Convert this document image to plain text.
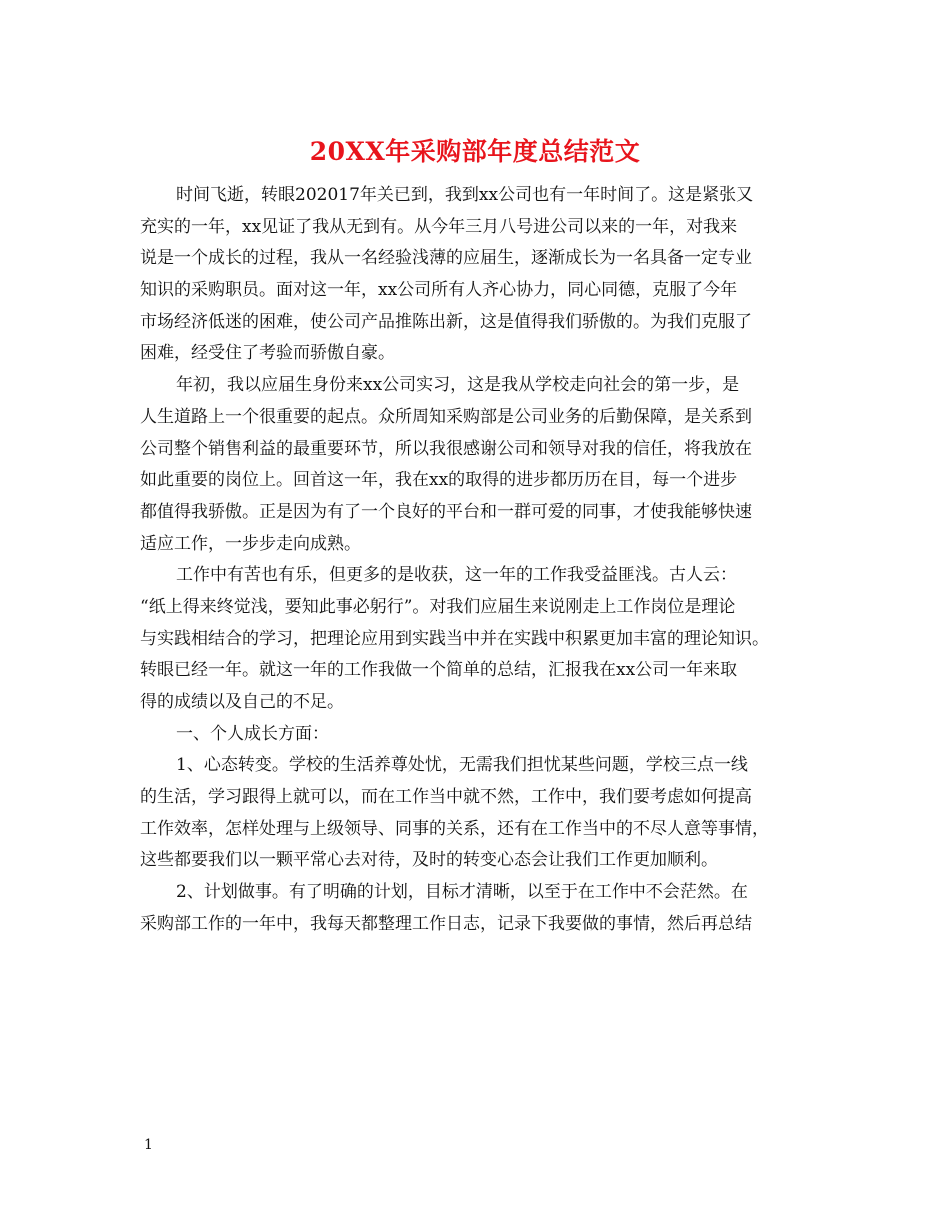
20XX年采购部年度总结范文
时间飞逝，转眼202017年关已到，我到xx公司也有一年时间了。这是紧张又
充实的一年，xx见证了我从无到有。从今年三月八号进公司以来的一年，对我来
说是一个成长的过程，我从一名经验浅薄的应届生，逐渐成长为一名具备一定专业
知识的采购职员。面对这一年，xx公司所有人齐心协力，同心同德，克服了今年
市场经济低迷的困难，使公司产品推陈出新，这是值得我们骄傲的。为我们克服了
困难，经受住了考验而骄傲自豪。
年初，我以应届生身份来xx公司实习，这是我从学校走向社会的第一步，是
人生道路上一个很重要的起点。众所周知采购部是公司业务的后勤保障，是关系到
公司整个销售利益的最重要环节，所以我很感谢公司和领导对我的信任，将我放在
如此重要的岗位上。回首这一年，我在xx的取得的进步都历历在目，每一个进步
都值得我骄傲。正是因为有了一个良好的平台和一群可爱的同事，才使我能够快速
适应工作，一步步走向成熟。
工作中有苦也有乐，但更多的是收获，这一年的工作我受益匪浅。古人云：
“纸上得来终觉浅，要知此事必躬行”。对我们应届生来说刚走上工作岗位是理论
与实践相结合的学习，把理论应用到实践当中并在实践中积累更加丰富的理论知识。
转眼已经一年。就这一年的工作我做一个简单的总结，汇报我在xx公司一年来取
得的成绩以及自己的不足。
一、个人成长方面：
1、心态转变。学校的生活养尊处忧，无需我们担忧某些问题，学校三点一线
的生活，学习跟得上就可以，而在工作当中就不然，工作中，我们要考虑如何提高
工作效率，怎样处理与上级领导、同事的关系，还有在工作当中的不尽人意等事情，
这些都要我们以一颗平常心去对待，及时的转变心态会让我们工作更加顺利。
2、计划做事。有了明确的计划，目标才清晰，以至于在工作中不会茫然。在
采购部工作的一年中，我每天都整理工作日志，记录下我要做的事情，然后再总结
1
